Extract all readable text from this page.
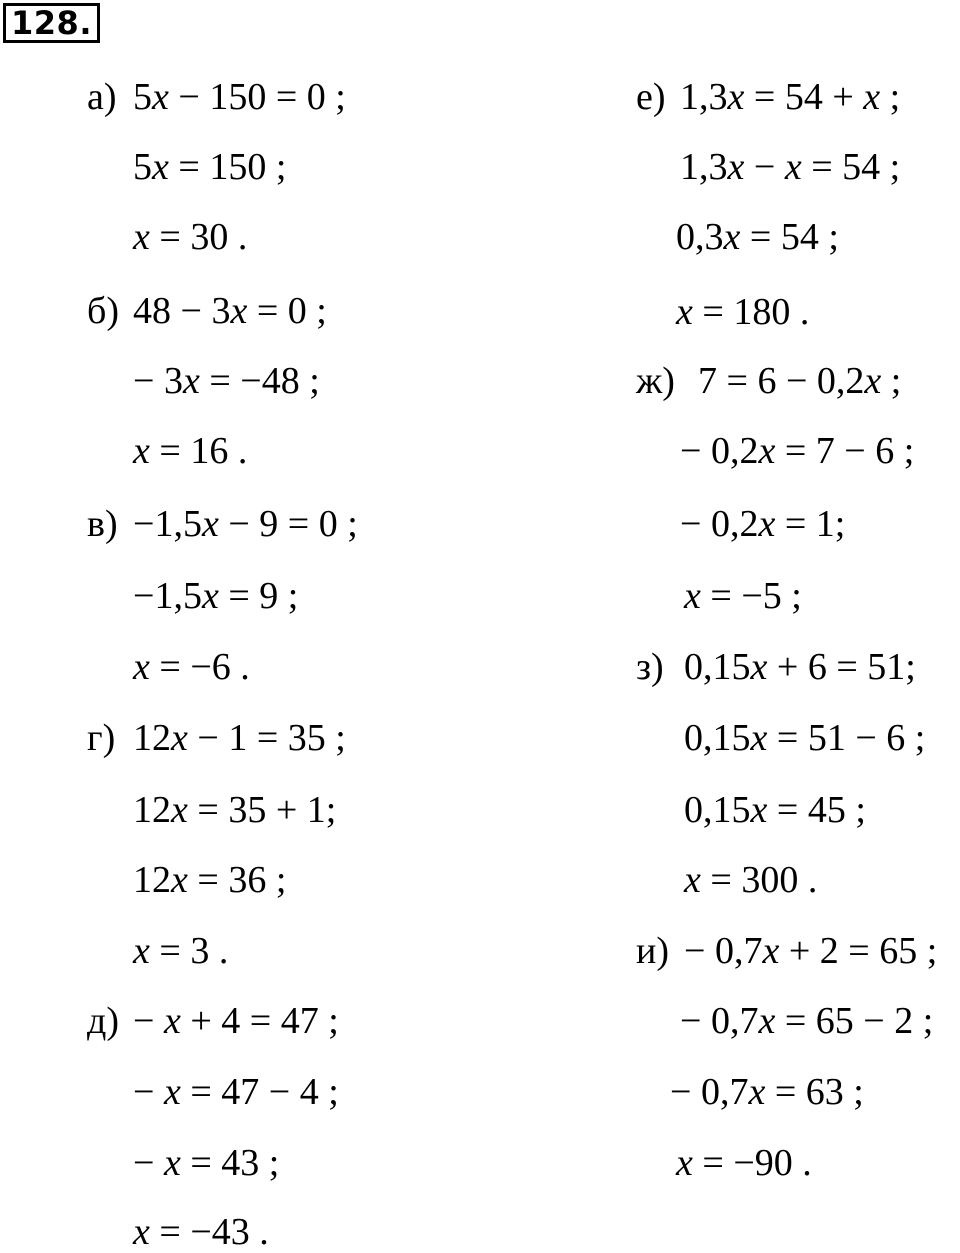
128.
а) 5x − 150 = 0 ;
5x = 150 ;
x = 30 .
б) 48 − 3x = 0 ;
− 3x = −48 ;
x = 16 .
в) −1,5x − 9 = 0 ;
−1,5x = 9 ;
x = −6 .
г) 12x − 1 = 35 ;
12x = 35 + 1;
12x = 36 ;
x = 3 .
д) − x + 4 = 47 ;
− x = 47 − 4 ;
− x = 43 ;
x = −43 .
е) 1,3x = 54 + x ;
1,3x − x = 54 ;
0,3x = 54 ;
x = 180 .
ж) 7 = 6 − 0,2x ;
− 0,2x = 7 − 6 ;
− 0,2x = 1;
x = −5 ;
з) 0,15x + 6 = 51;
0,15x = 51 − 6 ;
0,15x = 45 ;
x = 300 .
и) − 0,7x + 2 = 65 ;
− 0,7x = 65 − 2 ;
− 0,7x = 63 ;
x = −90 .
